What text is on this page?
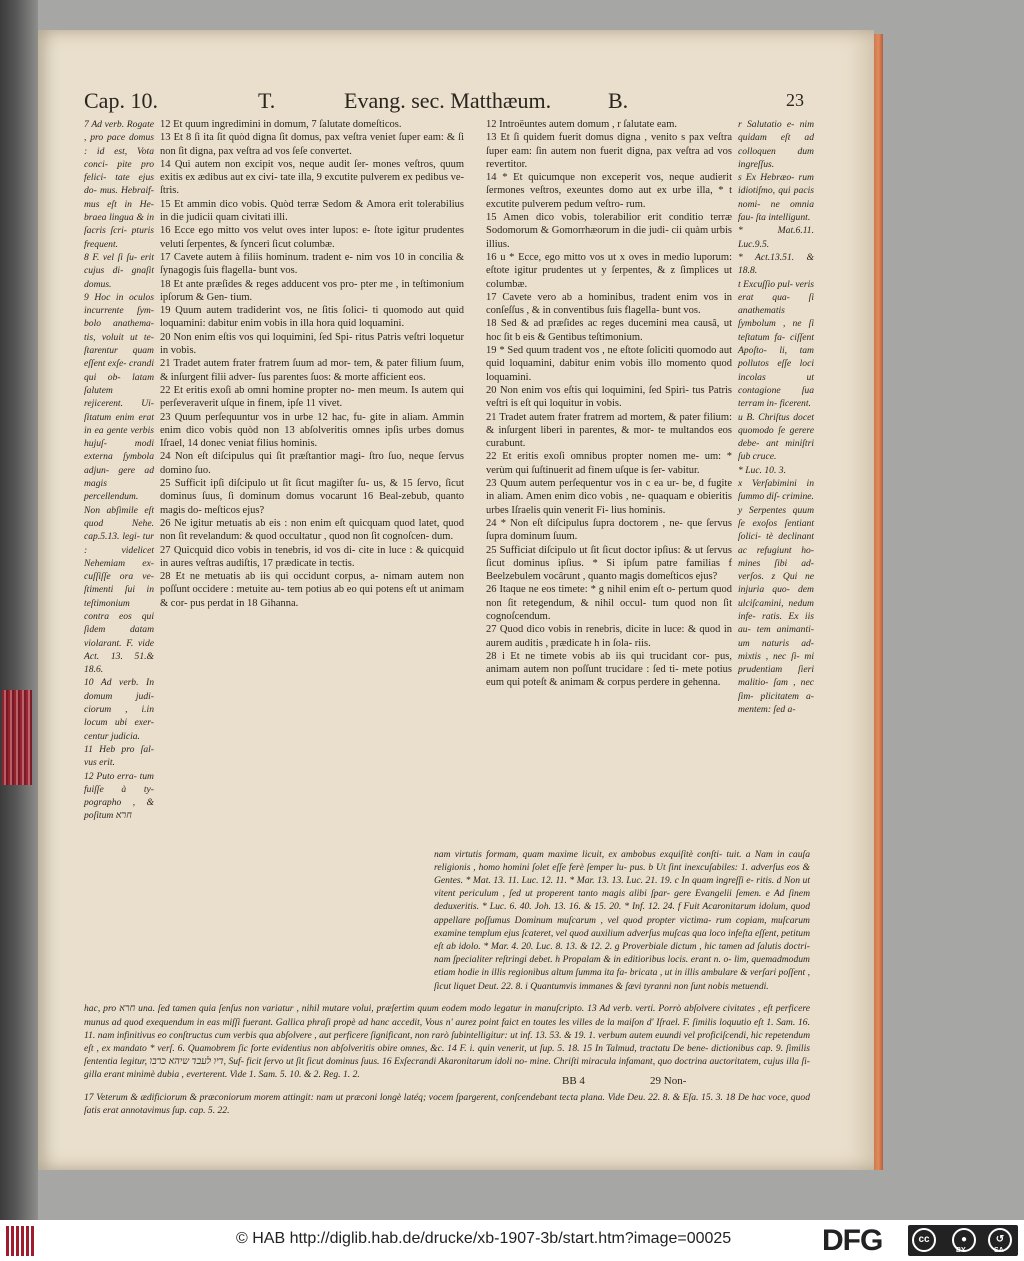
Cap. 10.	T.	Evang. sec. Matthæum.	B.	23

7 Ad verb. Rogate , pro pace domus : id est, Vota conci- pite pro felici- tate ejus do- mus. Hebraif- mus eſt in He- braea lingua & in ſacris ſcri- pturis frequent.

8 F. vel ſi ſu- erit cujus di- gnaſit domus.

9 Hoc in oculos incurrente ſym- bolo anathema- tis, voluit ut te- ſtarentur quam eſſent exſe- crandi qui ob- latam ſalutem rejicerent. Ui- ſitatum enim erat in ea gente verbis hujuſ- modi externa ſymbola adjun- gere ad magis percellendum. Non abſimile eſt quod Nehe. cap.5.13. legi- tur : videlicet Nehemiam ex- cuſſiſſe ora ve- ſtimenti ſui in teſtimonium contra eos qui ſidem datam violarant. F. vide Act. 13. 51.& 18.6.

10 Ad verb. In domum judi- ciorum , i.in locum ubi exer- centur judicia.

11 Heb pro ſal- vus erit.

12 Puto erra- tum fuiſſe à ty- pographo , & poſitum חרא

12 Et quum ingredimini in domum, 7 ſalutate domeſticos.

13 Et 8 ſi ita ſit quòd digna ſit domus, pax veſtra veniet ſuper eam: & ſi non ſit digna, pax veſtra ad vos ſeſe convertet.

14 Qui autem non excipit vos, neque audit ſer- mones veſtros, quum exitis ex ædibus aut ex civi- tate illa, 9 excutite pulverem ex pedibus ve- ſtris.

15 Et ammin dico vobis. Quòd terræ Sedom & Amora erit tolerabilius in die judicii quam civitati illi.

16 Ecce ego mitto vos velut oves inter lupos: e- ſtote igitur prudentes veluti ſerpentes, & ſynceri ſicut columbæ.

17 Cavete autem à filiis hominum. tradent e- nim vos 10 in concilia & ſynagogis ſuis flagella- bunt vos.

18 Et ante præſides & reges adducent vos pro- pter me , in teſtimonium ipſorum & Gen- tium.

19 Quum autem tradiderint vos, ne ſitis ſolici- ti quomodo aut quid loquamini: dabitur enim vobis in illa hora quid loquamini.

20 Non enim eſtis vos qui loquimini, ſed Spi- ritus Patris veſtri loquetur in vobis.

21 Tradet autem frater fratrem ſuum ad mor- tem, & pater filium ſuum, & inſurgent filii adver- ſus parentes ſuos: & morte afficient eos.

22 Et eritis exoſi ab omni homine propter no- men meum. Is autem qui perſeveraverit uſque in finem, ipſe 11 vivet.

23 Quum perſequuntur vos in urbe 12 hac, fu- gite in aliam. Ammin enim dico vobis quòd non 13 abſolveritis omnes ipſis urbes domus Iſrael, 14 donec veniat filius hominis.

24 Non eſt diſcipulus qui ſit præſtantior magi- ſtro ſuo, neque ſervus domino ſuo.

25 Sufficit ipſi diſcipulo ut ſit ſicut magiſter ſu- us, & 15 ſervo, ſicut dominus ſuus, ſi dominum domus vocarunt 16 Beal-zebub, quanto magis do- meſticos ejus?

26 Ne igitur metuatis ab eis : non enim eſt quicquam quod latet, quod non ſit revelandum: & quod occultatur , quod non ſit cognoſcen- dum.

27 Quicquid dico vobis in tenebris, id vos di- cite in luce : & quicquid in aures veſtras audiſtis, 17 prædicate in tectis.

28 Et ne metuatis ab iis qui occidunt corpus, a- nimam autem non poſſunt occidere : metuite au- tem potius ab eo qui potens eſt ut animam & cor- pus perdat in 18 Gihanna.

12 Introëuntes autem domum , r ſalutate eam.

13 Et ſi quidem fuerit domus digna , venito s pax veſtra ſuper eam: ſin autem non fuerit digna, pax veſtra ad vos revertitor.

14 * Et quicumque non exceperit vos, neque audierit ſermones veſtros, exeuntes domo aut ex urbe illa, * t excutite pulverem pedum veſtro- rum.

15 Amen dico vobis, tolerabilior erit conditio terræ Sodomorum & Gomorrhæorum in die judi- cii quàm urbis illius.

16 u * Ecce, ego mitto vos ut x oves in medio luporum: eſtote igitur prudentes ut y ſerpentes, & z ſimplices ut columbæ.

17 Cavete vero ab a hominibus, tradent enim vos in conſeſſus , & in conventibus ſuis flagella- bunt vos.

18 Sed & ad præſides ac reges ducemini mea causâ, ut hoc ſit b eis & Gentibus teſtimonium.

19 * Sed quum tradent vos , ne eſtote ſoliciti quomodo aut quid loquamini, dabitur enim vobis illo momento quod loquamini.

20 Non enim vos eſtis qui loquimini, ſed Spiri- tus Patris veſtri is eſt qui loquitur in vobis.

21 Tradet autem frater fratrem ad mortem, & pater filium: & inſurgent liberi in parentes, & mor- te multandos eos curabunt.

22 Et eritis exoſi omnibus propter nomen me- um: * verùm qui ſuſtinuerit ad finem uſque is ſer- vabitur.

23 Quum autem perſequentur vos in c ea ur- be, d fugite in aliam. Amen enim dico vobis , ne- quaquam e obieritis urbes Iſraelis quin venerit Fi- lius hominis.

24 * Non eſt diſcipulus ſupra doctorem , ne- que ſervus ſupra dominum ſuum.

25 Sufficiat diſcipulo ut ſit ſicut doctor ipſius: & ut ſervus ſicut dominus ipſius. * Si ipſum patre familias f Beelzebulem vocârunt , quanto magis domeſticos ejus?

26 Itaque ne eos timete: * g nihil enim eſt o- pertum quod non ſit retegendum, & nihil occul- tum quod non ſit cognoſcendum.

27 Quod dico vobis in renebris, dicite in luce: & quod in aurem auditis , prædicate h in ſola- riis.

28 i Et ne timete vobis ab iis qui trucidant cor- pus, animam autem non poſſunt trucidare : ſed ti- mete potius eum qui poteſt & animam & corpus perdere in gehenna.

r Salutatio e- nim quidam eſt ad colloquen dum ingreſſus.

s Ex Hebræo- rum idiotiſmo, qui pacis nomi- ne omnia fau- ſta intelligunt.

* Mat.6.11. Luc.9.5.

* Act.13.51. & 18.8.

t Excuſſio pul- veris erat qua- ſi anathematis ſymbolum , ne ſi teſtatum fa- ciſſent Apoſto- li, tam pollutos eſſe loci incolas ut contagione ſua terram in- ficerent.

u B. Chriſtus docet quomodo ſe gerere debe- ant miniſtri ſub cruce.

* Luc. 10. 3.

x Verſabimini in ſummo diſ- crimine.

y Serpentes quum ſe exoſos ſentiant ſolici- tè declinant ac refugiunt ho- mines ſibi ad- verſos. z Qui ne injuria quo- dem ulciſcamini, nedum infe- ratis. Ex iis au- tem animanti- um naturis ad- mixtis , nec ſi- mi prudentiam ſieri malitio- ſam , nec ſim- plicitatem a- mentem: ſed a-

nam virtutis formam, quam maxime licuit, ex ambobus exquiſitè conſti- tuit. a Nam in cauſa religionis , homo homini ſolet eſſe ferè ſemper lu- pus. b Ut ſint inexcuſabiles: 1. adverſus eos & Gentes. * Mat. 13. 11. Luc. 12. 11. * Mar. 13. 13. Luc. 21. 19. c In quam ingreſſi e- ritis. d Non ut vitent periculum , ſed ut properent tanto magis alibi ſpar- gere Evangelii ſemen. e Ad ſinem deduxeritis. * Luc. 6. 40. Joh. 13. 16. & 15. 20. * Inf. 12. 24. f Fuit Acaronitarum idolum, quod appellare poſſumus Dominum muſcarum , vel quod propter victima- rum copiam, muſcarum examine templum ejus ſcateret, vel quod auxilium adverſus muſcas qua loco infeſta eſſent, petitum eſt ab idolo. * Mar. 4. 20. Luc. 8. 13. & 12. 2. g Proverbiale dictum , hic tamen ad ſalutis doctri- nam ſpecialiter reſtringi debet. h Propalam & in editioribus locis. erant n. o- lim, quemadmodum etiam hodie in illis regionibus altum ſumma ita fa- bricata , ut in illis ambulare & verſari poſſent , ſicut liquet Deut. 22. 8. i Quantumvis immanes & ſævi tyranni non ſunt nobis metuendi.

hac, pro חרא una. ſed tamen quia ſenſus non variatur , nihil mutare volui, præſertim quum eodem modo legatur in manuſcripto. 13 Ad verb. verti. Porrò abſolvere civitates , eſt perficere munus ad quod exequendum in eas miſſi fuerant. Gallica phraſi propè ad hanc accedit, Vous n' aurez point faict en toutes les villes de la maiſon d' Iſrael. F. ſimilis loquutio eſt 1. Sam. 16. 11. nam infinitivus eo conſtructus cum verbis qua abſolvere , aut perficere ſignificant, non rarò ſubintelligitur: ut inf. 13. 53. & 19. 1. verbum autem euundi vel proficiſcendi, hic repetendum eſt , ex mandato * verſ. 6. Quamobrem ſic forte evidentius non abſolveritis obire omnes, &c. 14 F. i. quin venerit, ut ſup. 5. 18. 15 In Talmud, tractatu De bene- dictionibus cap. 9. ſimilis ſententia legitur, דיו לעבד שיהא כרבו, Suf- ficit ſervo ut ſit ſicut dominus ſuus. 16 Exſecrandi Akaronitarum idoli no- mine. Chriſti miracula infamant, quo doctrina auctoritatem, cujus illa ſi- gilla erant minimè dubia , everterent. Vide 1. Sam. 5. 10. & 2. Reg. 1. 2.

17 Veterum & ædificiorum & præconiorum morem attingit: nam ut præconi longè latéq; vocem ſpargerent, conſcendebant tecta plana. Vide Deu. 22. 8. & Eſa. 15. 3. 18 De hac voce, quod ſatis erat annotavimus ſup. cap. 5. 22.

BB 4	29 Non-
© HAB http://diglib.hab.de/drucke/xb-1907-3b/start.htm?image=00025	DFG	cc	●	↺
BY	SA
